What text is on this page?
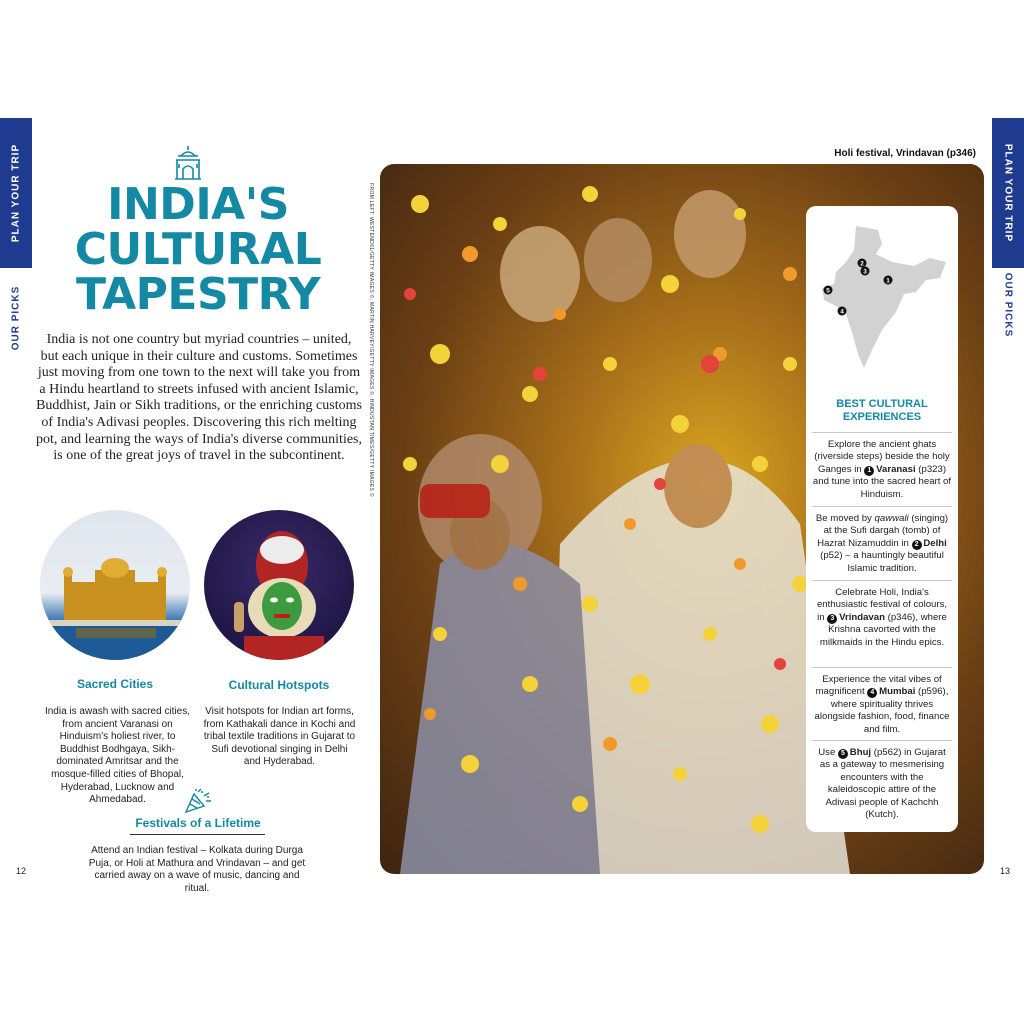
PLAN YOUR TRIP
OUR PICKS
PLAN YOUR TRIP
OUR PICKS
INDIA'S
CULTURAL
TAPESTRY

India is not one country but myriad countries – united, but each unique in their culture and customs. Sometimes just moving from one town to the next will take you from a Hindu heartland to streets infused with ancient Islamic, Buddhist, Jain or Sikh traditions, or the enriching customs of India's Adivasi peoples. Discovering this rich melting pot, and learning the ways of India's diverse communities, is one of the great joys of travel in the subcontinent.

Sacred Cities
India is awash with sacred cities, from ancient Varanasi on Hinduism's holiest river, to Buddhist Bodhgaya, Sikh-dominated Amritsar and the mosque-filled cities of Bhopal, Hyderabad, Lucknow and Ahmedabad.
Cultural Hotspots
Visit hotspots for Indian art forms, from Kathakali dance in Kochi and tribal textile traditions in Gujarat to Sufi devotional singing in Delhi and Hyderabad.
Festivals of a Lifetime
Attend an Indian festival – Kolkata during Durga Puja, or Holi at Mathura and Vrindavan – and get carried away on a wave of music, dancing and ritual.
12
FROM LEFT: WESTEND61/GETTY IMAGES ©, MARTIN HARVEY/GETTY IMAGES ©, HINDUSTAN TIMES/GETTY IMAGES ©
Holi festival, Vrindavan (p346)
2
3
1
5
4
BEST CULTURAL
EXPERIENCES
Explore the ancient ghats (riverside steps) beside the holy Ganges in 1  Varanasi (p323) and tune into the sacred heart of Hinduism.
Be moved by qawwali (singing) at the Sufi dargah (tomb) of Hazrat Nizamuddin in 2  Delhi (p52) – a hauntingly beautiful Islamic tradition.
Celebrate Holi, India's enthusiastic festival of colours, in 3  Vrindavan (p346), where Krishna cavorted with the milkmaids in the Hindu epics.
Experience the vital vibes of magnificent 4  Mumbai (p596), where spirituality thrives alongside fashion, food, finance and film.
Use 5  Bhuj (p562) in Gujarat as a gateway to mesmerising encounters with the kaleidoscopic attire of the Adivasi people of Kachchh (Kutch).
13
